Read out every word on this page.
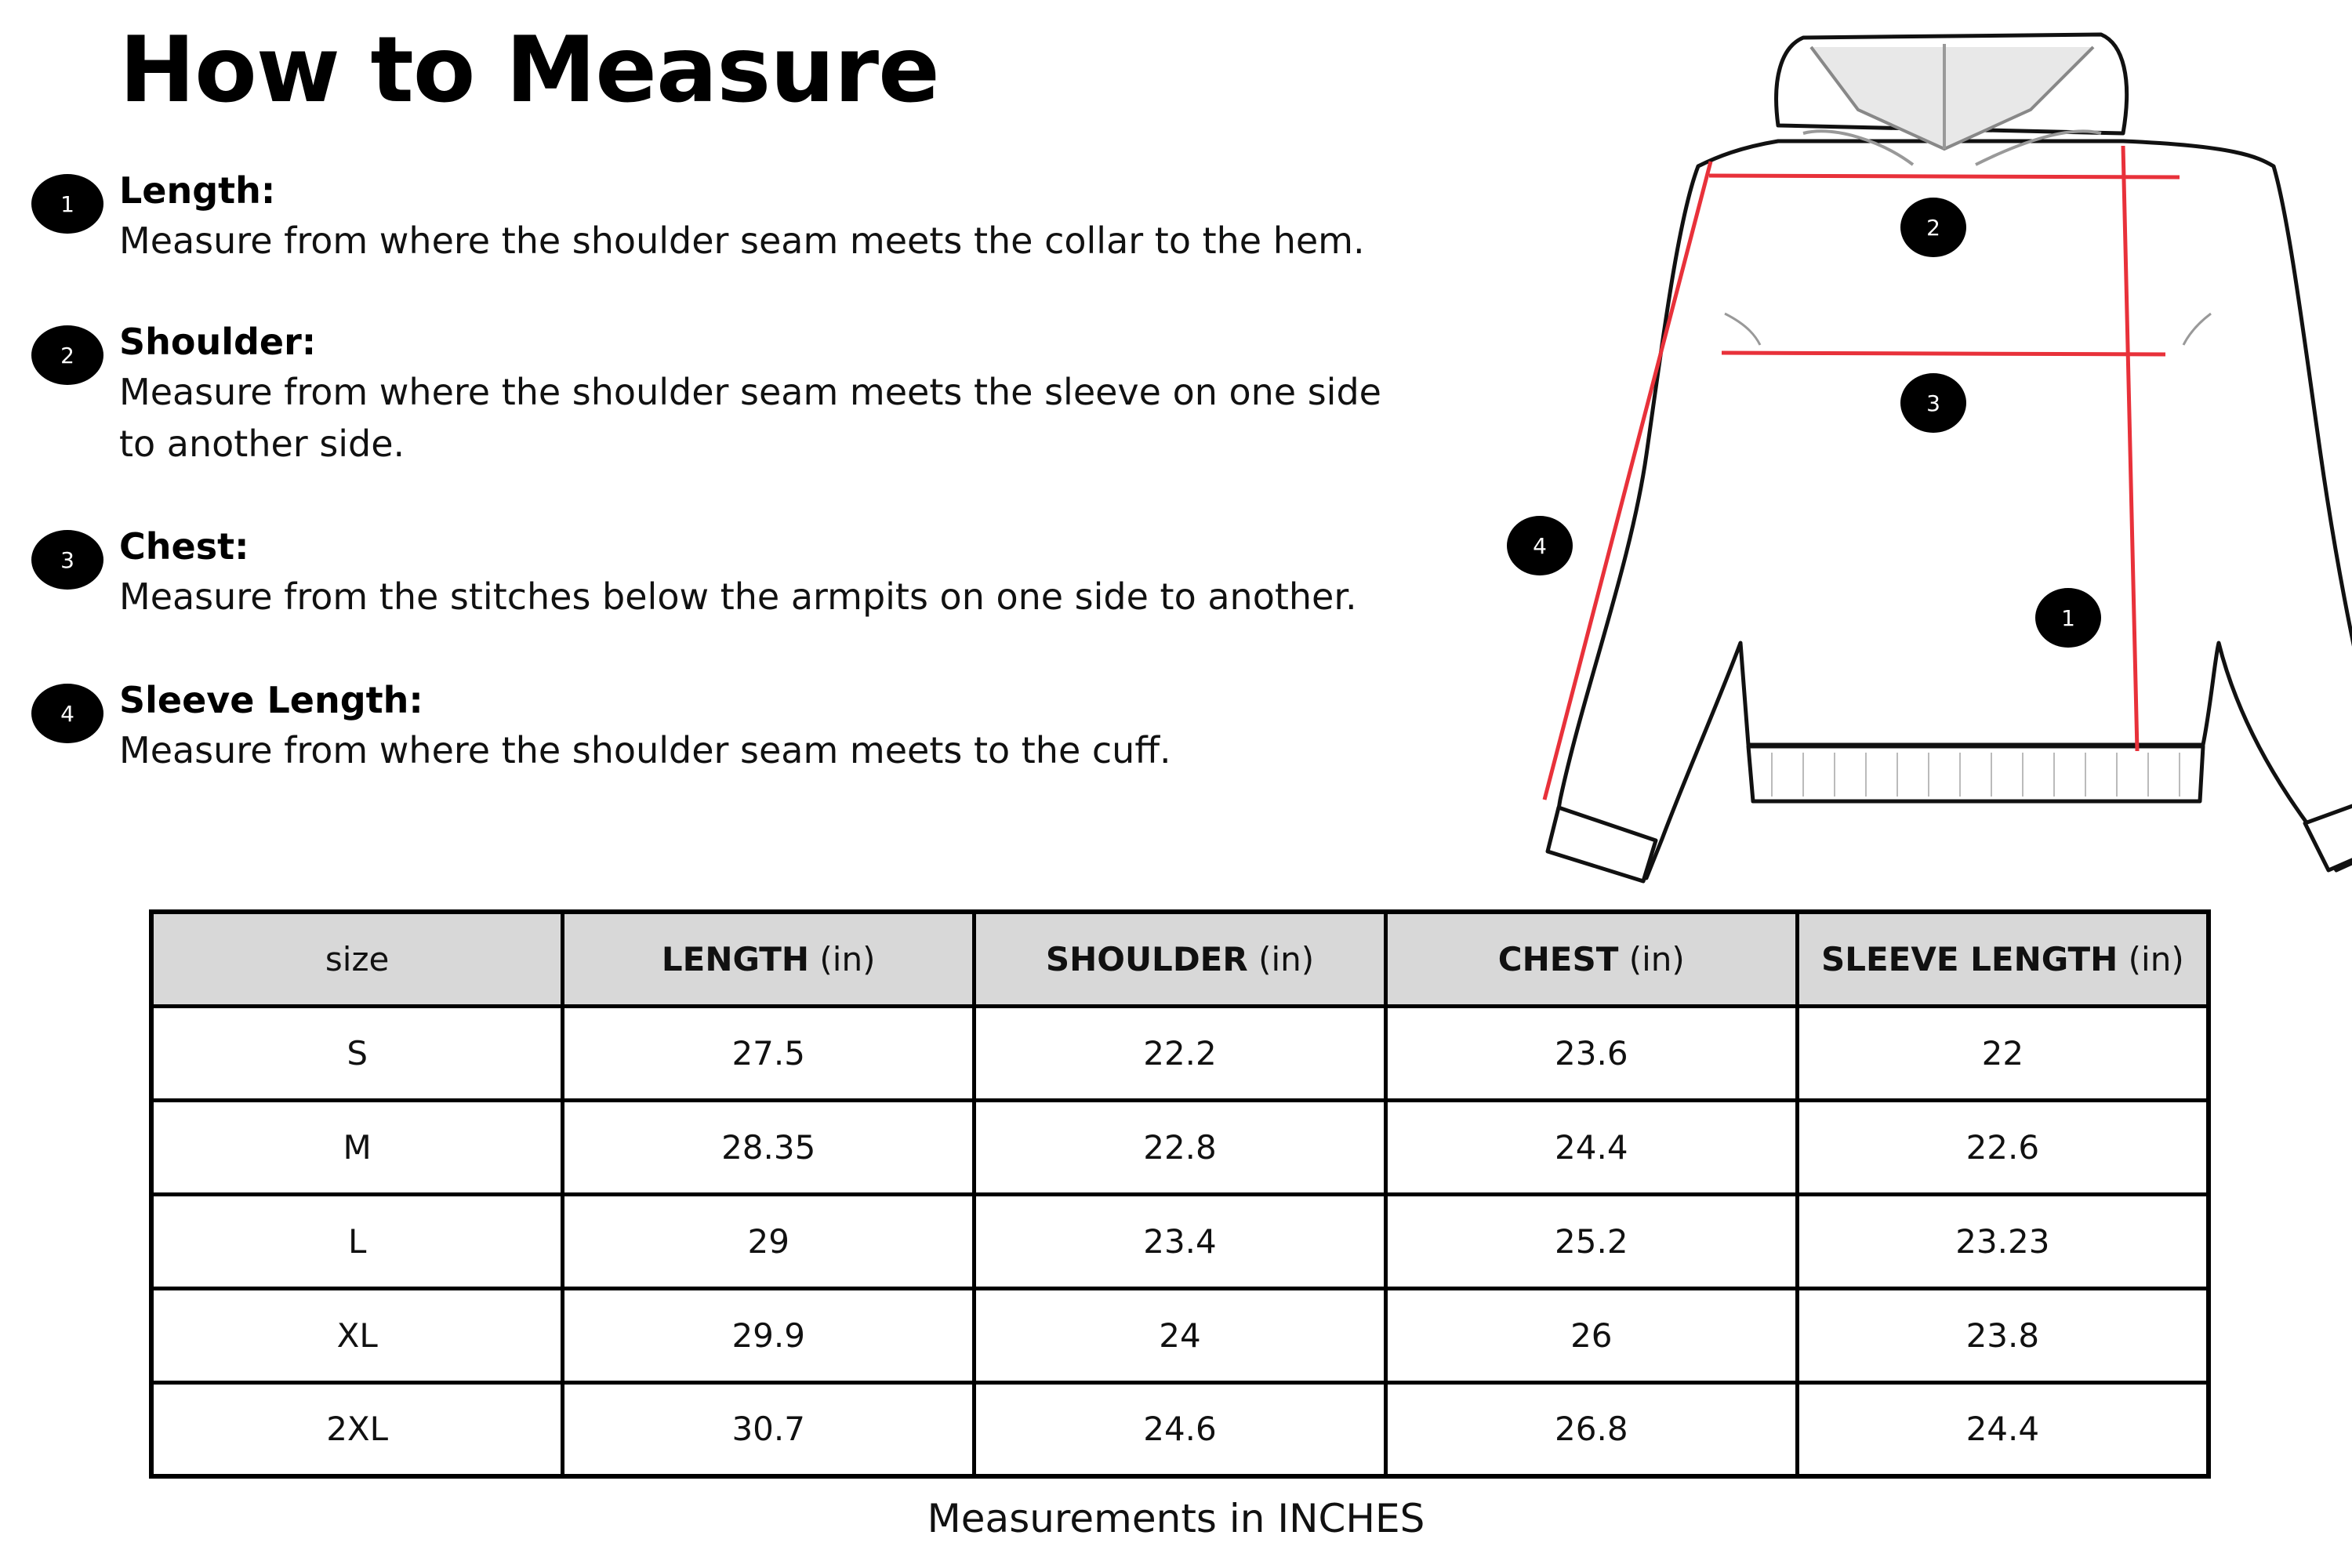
How to Measure
1	Length:
Measure from where the shoulder seam meets the collar to the hem.
2	Shoulder:
Measure from where the shoulder seam meets the sleeve on one side
to another side.
3	Chest:
Measure from the stitches below the armpits on one side to another.
4	Sleeve Length:
Measure from where the shoulder seam meets to the cuff.
2
3
4
1
size	LENGTH (in)	SHOULDER (in)	CHEST (in)	SLEEVE LENGTH (in)
S	27.5	22.2	23.6	22
M	28.35	22.8	24.4	22.6
L	29	23.4	25.2	23.23
XL	29.9	24	26	23.8
2XL	30.7	24.6	26.8	24.4
Measurements in INCHES
